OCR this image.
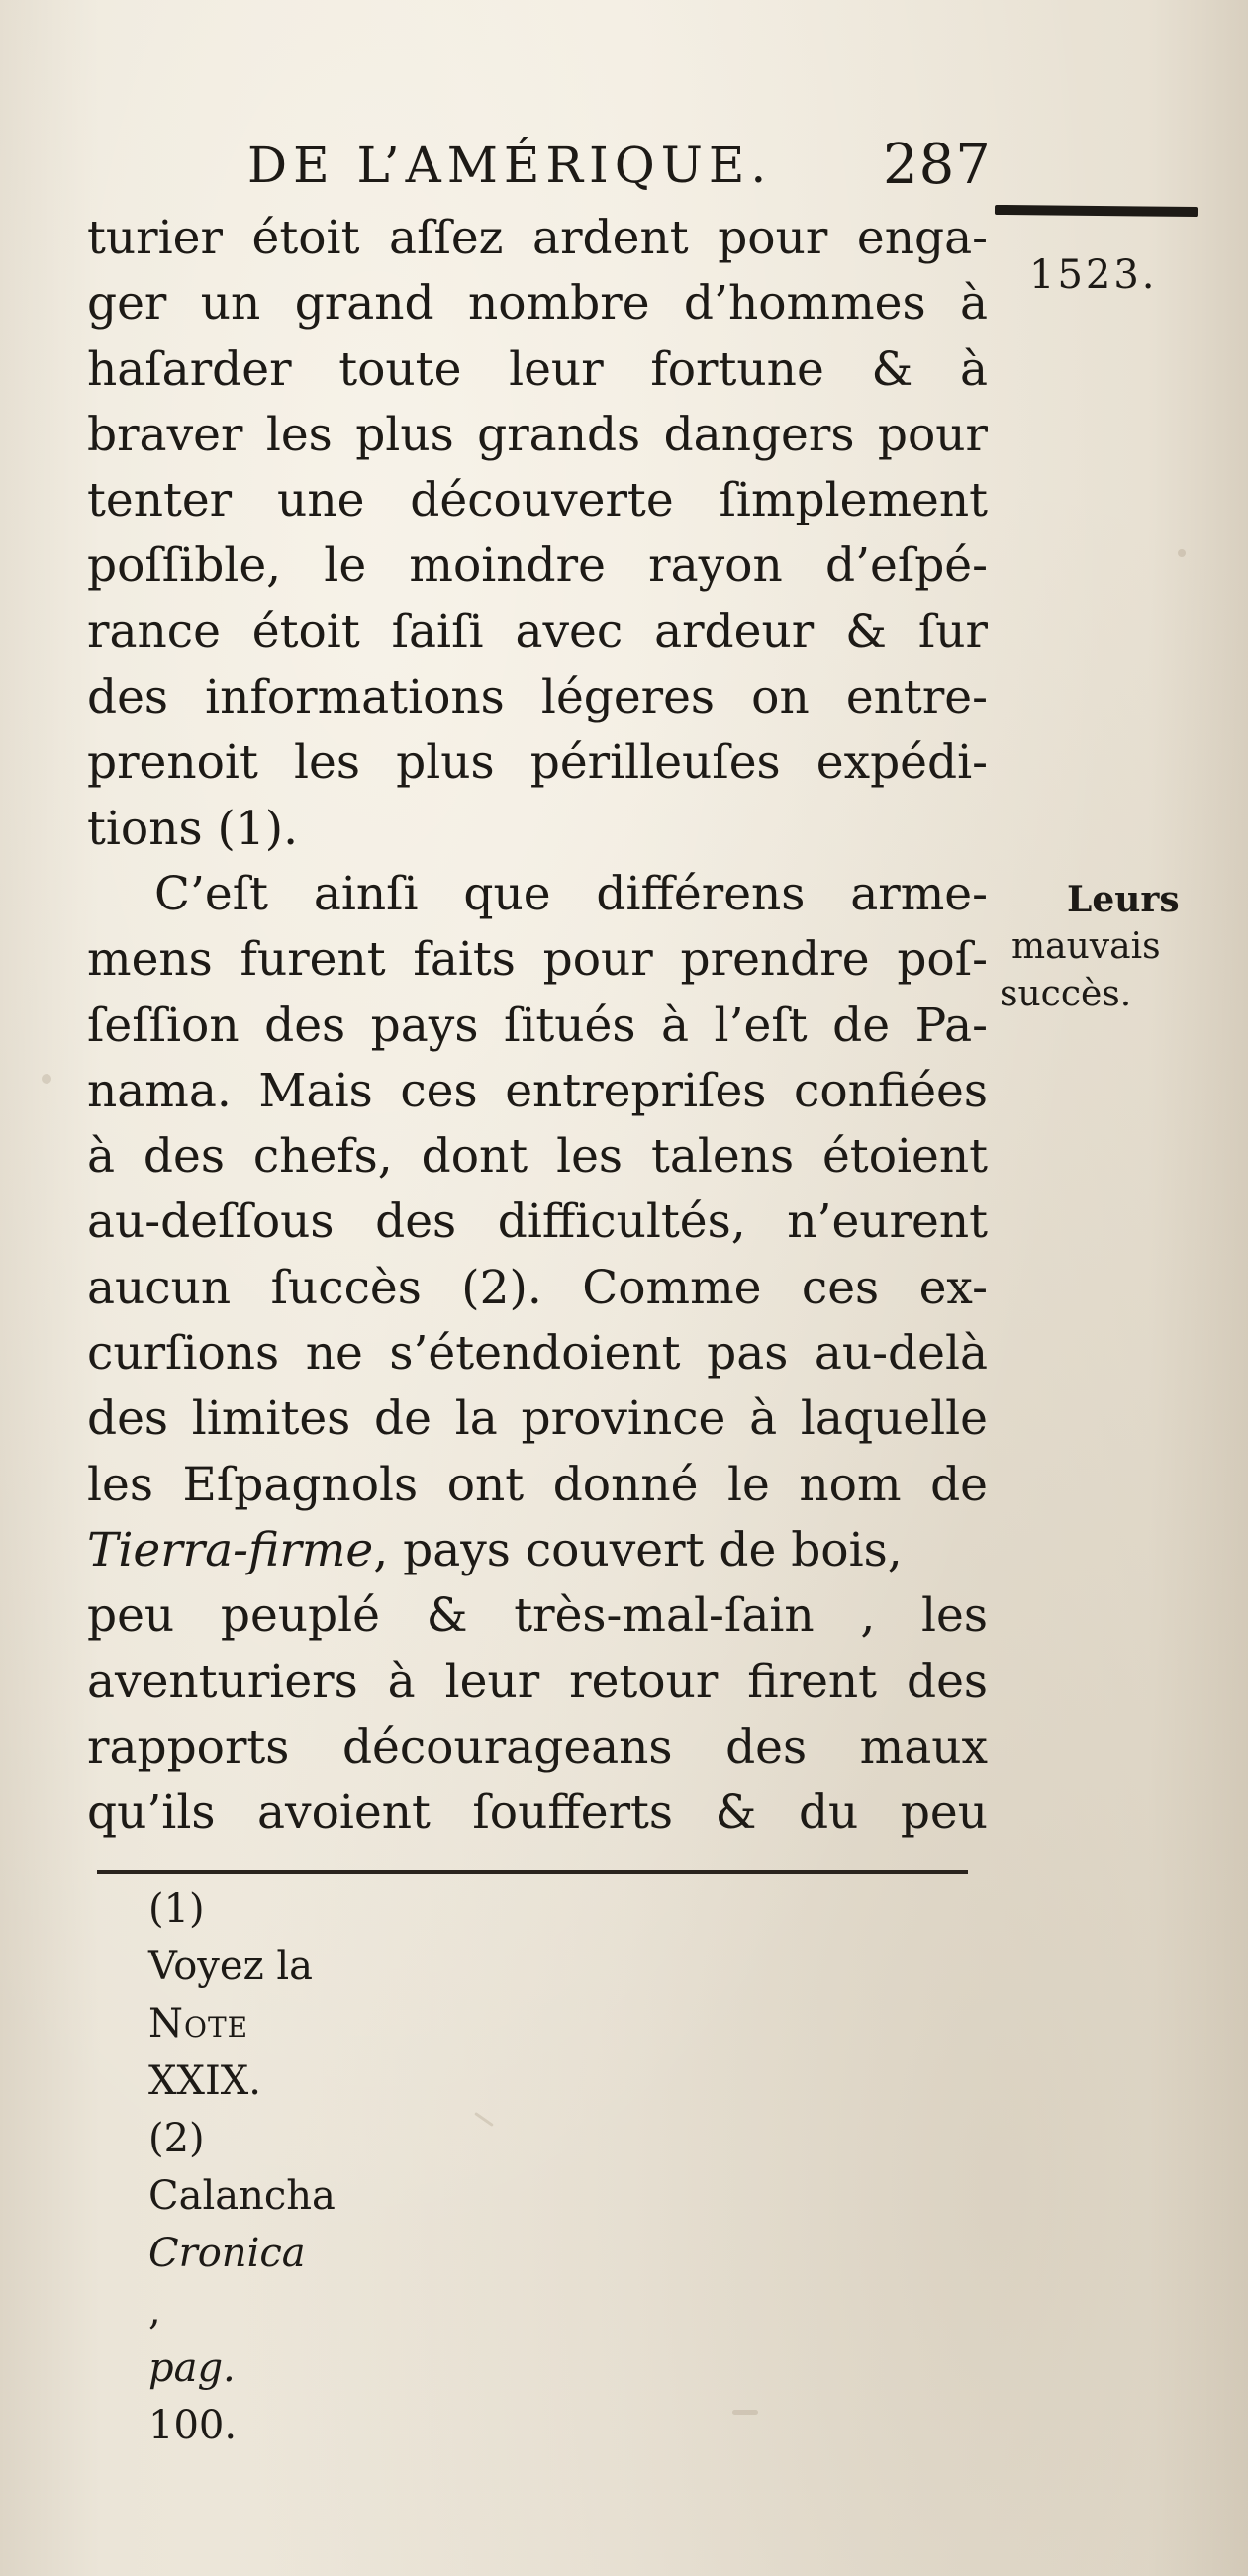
DE L’AMÉRIQUE. 287
1523.
turier étoit aſſez ardent pour enga-
ger un grand nombre d’hommes à
haſarder toute leur fortune & à
braver les plus grands dangers pour
tenter une découverte ſimplement
poſſible, le moindre rayon d’eſpé-
rance étoit ſaiſi avec ardeur & ſur
des informations légeres on entre-
prenoit les plus périlleuſes expédi-
tions (1).
C’eſt ainſi que différens arme-
mens furent faits pour prendre poſ-
ſeſſion des pays ſitués à l’eſt de Pa-
nama. Mais ces entrepriſes confiées
à des chefs, dont les talens étoient
au-deſſous des difficultés, n’eurent
aucun ſuccès (2). Comme ces ex-
curſions ne s’étendoient pas au-delà
des limites de la province à laquelle
les Eſpagnols ont donné le nom de
Tierra-firme, pays couvert de bois,
peu peuplé & très-mal-ſain , les
aventuriers à leur retour firent des
rapports décourageans des maux
qu’ils avoient ſoufferts & du peu
Leurs
mauvais
succès.
(1)
Voyez la
Note
XXIX.
(2)
Calancha
Cronica
,
pag.
100.
